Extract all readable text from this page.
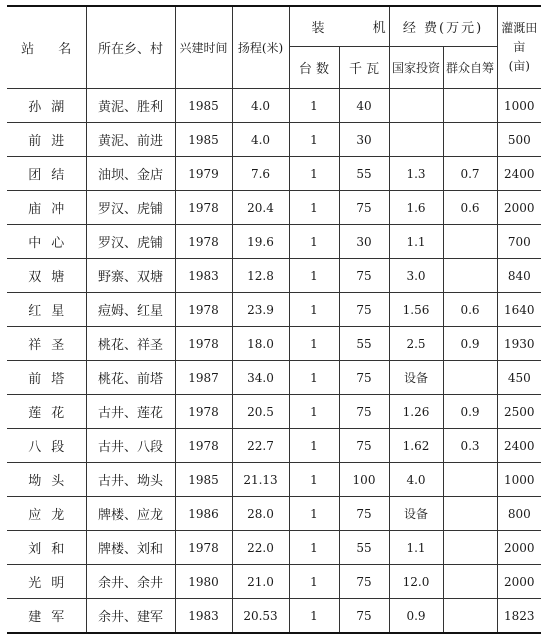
站 名	所在乡、村	兴建时间	扬程(米)	装 机		经 费(万元)		灌溉田亩
(亩)
				台 数	千 瓦	国家投资	群众自筹	
孙湖	黄泥、胜利	1985	4.0	1	40			1000
前进	黄泥、前进	1985	4.0	1	30			500
团结	油坝、金店	1979	7.6	1	55	1.3	0.7	2400
庙冲	罗汉、虎铺	1978	20.4	1	75	1.6	0.6	2000
中心	罗汉、虎铺	1978	19.6	1	30	1.1		700
双塘	野寨、双塘	1983	12.8	1	75	3.0		840
红星	痘姆、红星	1978	23.9	1	75	1.56	0.6	1640
祥圣	桃花、祥圣	1978	18.0	1	55	2.5	0.9	1930
前塔	桃花、前塔	1987	34.0	1	75	设备		450
莲花	古井、莲花	1978	20.5	1	75	1.26	0.9	2500
八段	古井、八段	1978	22.7	1	75	1.62	0.3	2400
坳头	古井、坳头	1985	21.13	1	100	4.0		1000
应龙	牌楼、应龙	1986	28.0	1	75	设备		800
刘和	牌楼、刘和	1978	22.0	1	55	1.1		2000
光明	余井、余井	1980	21.0	1	75	12.0		2000
建军	余井、建军	1983	20.53	1	75	0.9		1823
